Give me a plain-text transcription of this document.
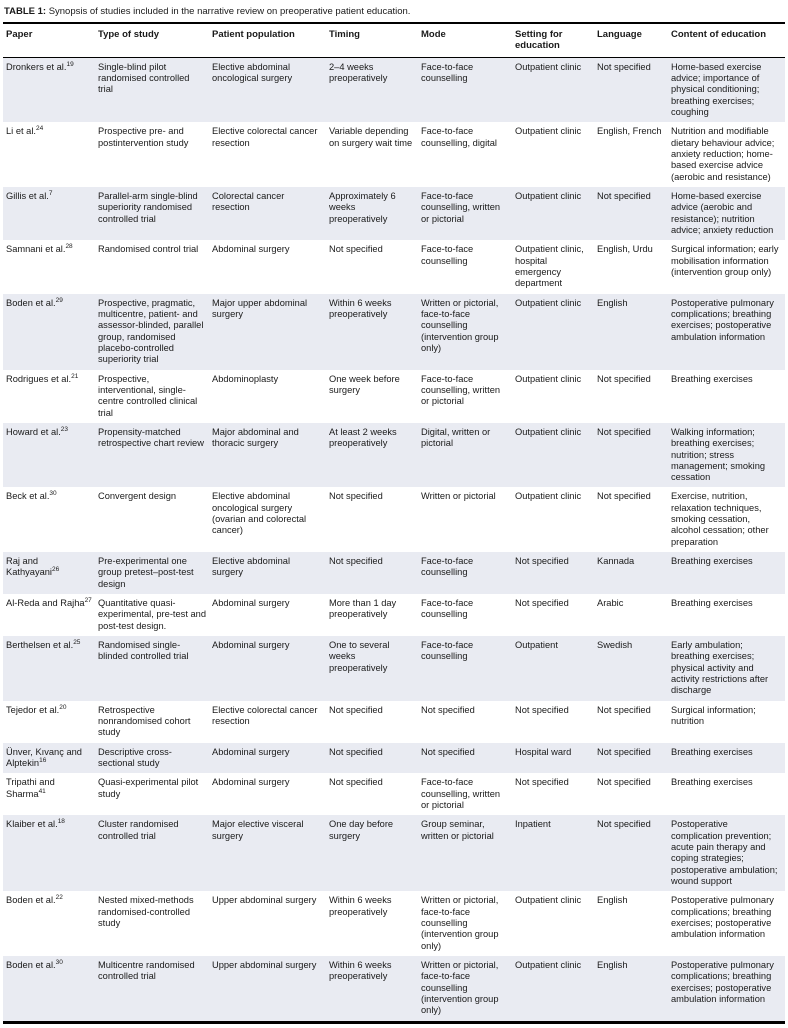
TABLE 1: Synopsis of studies included in the narrative review on preoperative patient education.
Paper	Type of study	Patient population	Timing	Mode	Setting for education	Language	Content of education
Dronkers et al.$^{19}$	Single-blind pilot randomised controlled trial	Elective abdominal oncological surgery	2–4 weeks preoperatively	Face-to-face counselling	Outpatient clinic	Not specified	Home-based exercise advice; importance of physical conditioning; breathing exercises; coughing
Li et al.$^{24}$	Prospective pre- and postintervention study	Elective colorectal cancer resection	Variable depending on surgery wait time	Face-to-face counselling, digital	Outpatient clinic	English, French	Nutrition and modifiable dietary behaviour advice; anxiety reduction; home-based exercise advice (aerobic and resistance)
Gillis et al.$^7$	Parallel-arm single-blind superiority randomised controlled trial	Colorectal cancer resection	Approximately 6 weeks preoperatively	Face-to-face counselling, written or pictorial	Outpatient clinic	Not specified	Home-based exercise advice (aerobic and resistance); nutrition advice; anxiety reduction
Samnani et al.$^{28}$	Randomised control trial	Abdominal surgery	Not specified	Face-to-face counselling	Outpatient clinic, hospital emergency department	English, Urdu	Surgical information; early mobilisation information (intervention group only)
Boden et al.$^{29}$	Prospective, pragmatic, multicentre, patient- and assessor-blinded, parallel group, randomised placebo-controlled superiority trial	Major upper abdominal surgery	Within 6 weeks preoperatively	Written or pictorial, face-to-face counselling (intervention group only)	Outpatient clinic	English	Postoperative pulmonary complications; breathing exercises; postoperative ambulation information
Rodrigues et al.$^{21}$	Prospective, interventional, single-centre controlled clinical trial	Abdominoplasty	One week before surgery	Face-to-face counselling, written or pictorial	Outpatient clinic	Not specified	Breathing exercises
Howard et al.$^{23}$	Propensity-matched retrospective chart review	Major abdominal and thoracic surgery	At least 2 weeks preoperatively	Digital, written or pictorial	Outpatient clinic	Not specified	Walking information; breathing exercises; nutrition; stress management; smoking cessation
Beck et al.$^{30}$	Convergent design	Elective abdominal oncological surgery (ovarian and colorectal cancer)	Not specified	Written or pictorial	Outpatient clinic	Not specified	Exercise, nutrition, relaxation techniques, smoking cessation, alcohol cessation; other preparation
Raj and Kathyayani$^{26}$	Pre-experimental one group pretest–post-test design	Elective abdominal surgery	Not specified	Face-to-face counselling	Not specified	Kannada	Breathing exercises
Al-Reda and Rajha$^{27}$	Quantitative quasi-experimental, pre-test and post-test design.	Abdominal surgery	More than 1 day preoperatively	Face-to-face counselling	Not specified	Arabic	Breathing exercises
Berthelsen et al.$^{25}$	Randomised single-blinded controlled trial	Abdominal surgery	One to several weeks preoperatively	Face-to-face counselling	Outpatient	Swedish	Early ambulation; breathing exercises; physical activity and activity restrictions after discharge
Tejedor et al.$^{20}$	Retrospective nonrandomised cohort study	Elective colorectal cancer resection	Not specified	Not specified	Not specified	Not specified	Surgical information; nutrition
Ünver, Kıvanç and Alptekin$^{16}$	Descriptive cross-sectional study	Abdominal surgery	Not specified	Not specified	Hospital ward	Not specified	Breathing exercises
Tripathi and Sharma$^{41}$	Quasi-experimental pilot study	Abdominal surgery	Not specified	Face-to-face counselling, written or pictorial	Not specified	Not specified	Breathing exercises
Klaiber et al.$^{18}$	Cluster randomised controlled trial	Major elective visceral surgery	One day before surgery	Group seminar, written or pictorial	Inpatient	Not specified	Postoperative complication prevention; acute pain therapy and coping strategies; postoperative ambulation; wound support
Boden et al.$^{22}$	Nested mixed-methods randomised-controlled study	Upper abdominal surgery	Within 6 weeks preoperatively	Written or pictorial, face-to-face counselling (intervention group only)	Outpatient clinic	English	Postoperative pulmonary complications; breathing exercises; postoperative ambulation information
Boden et al.$^{30}$	Multicentre randomised controlled trial	Upper abdominal surgery	Within 6 weeks preoperatively	Written or pictorial, face-to-face counselling (intervention group only)	Outpatient clinic	English	Postoperative pulmonary complications; breathing exercises; postoperative ambulation information
